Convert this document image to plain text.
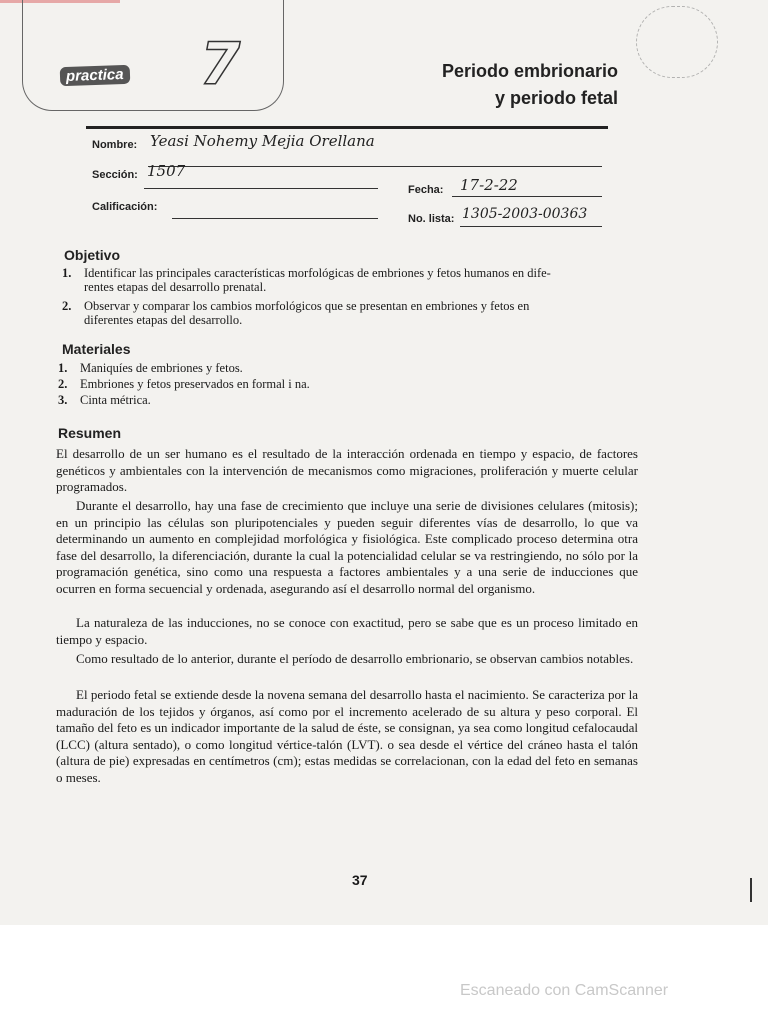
practica 7	Periodo embrionario
y periodo fetal
Nombre: Yeasi Nohemy Mejia Orellana
Sección: 1507
Fecha: 17-2-22
Calificación:
No. lista: 1305-2003-00363
Objetivo
1. Identificar las principales características morfológicas de embriones y fetos humanos en dife-
rentes etapas del desarrollo prenatal.
2. Observar y comparar los cambios morfológicos que se presentan en embriones y fetos en
diferentes etapas del desarrollo.
Materiales
1. Maniquíes de embriones y fetos.
2. Embriones y fetos preservados en formal i na.
3. Cinta métrica.
Resumen

El desarrollo de un ser humano es el resultado de la interacción ordenada en tiempo y espacio, de factores genéticos y ambientales con la intervención de mecanismos como migraciones, proliferación y muerte celular programados.

Durante el desarrollo, hay una fase de crecimiento que incluye una serie de divisiones celulares (mitosis); en un principio las células son pluripotenciales y pueden seguir diferentes vías de desarrollo, lo que va determinando un aumento en complejidad morfológica y fisiológica. Este complicado proceso determina otra fase del desarrollo, la diferenciación, durante la cual la potencialidad celular se va restringiendo, no sólo por la programación genética, sino como una respuesta a factores ambientales y a una serie de inducciones que ocurren en forma secuencial y ordenada, asegurando así el desarrollo normal del organismo.

La naturaleza de las inducciones, no se conoce con exactitud, pero se sabe que es un proceso limitado en tiempo y espacio.

Como resultado de lo anterior, durante el período de desarrollo embrionario, se observan cambios notables.

El periodo fetal se extiende desde la novena semana del desarrollo hasta el nacimiento. Se caracteriza por la maduración de los tejidos y órganos, así como por el incremento acelerado de su altura y peso corporal. El tamaño del feto es un indicador importante de la salud de éste, se consignan, ya sea como longitud cefalocaudal (LCC) (altura sentado), o como longitud vértice-talón (LVT). o sea desde el vértice del cráneo hasta el talón (altura de pie) expresadas en centímetros (cm); estas medidas se correlacionan, con la edad del feto en semanas o meses.

37
Escaneado con CamScanner
